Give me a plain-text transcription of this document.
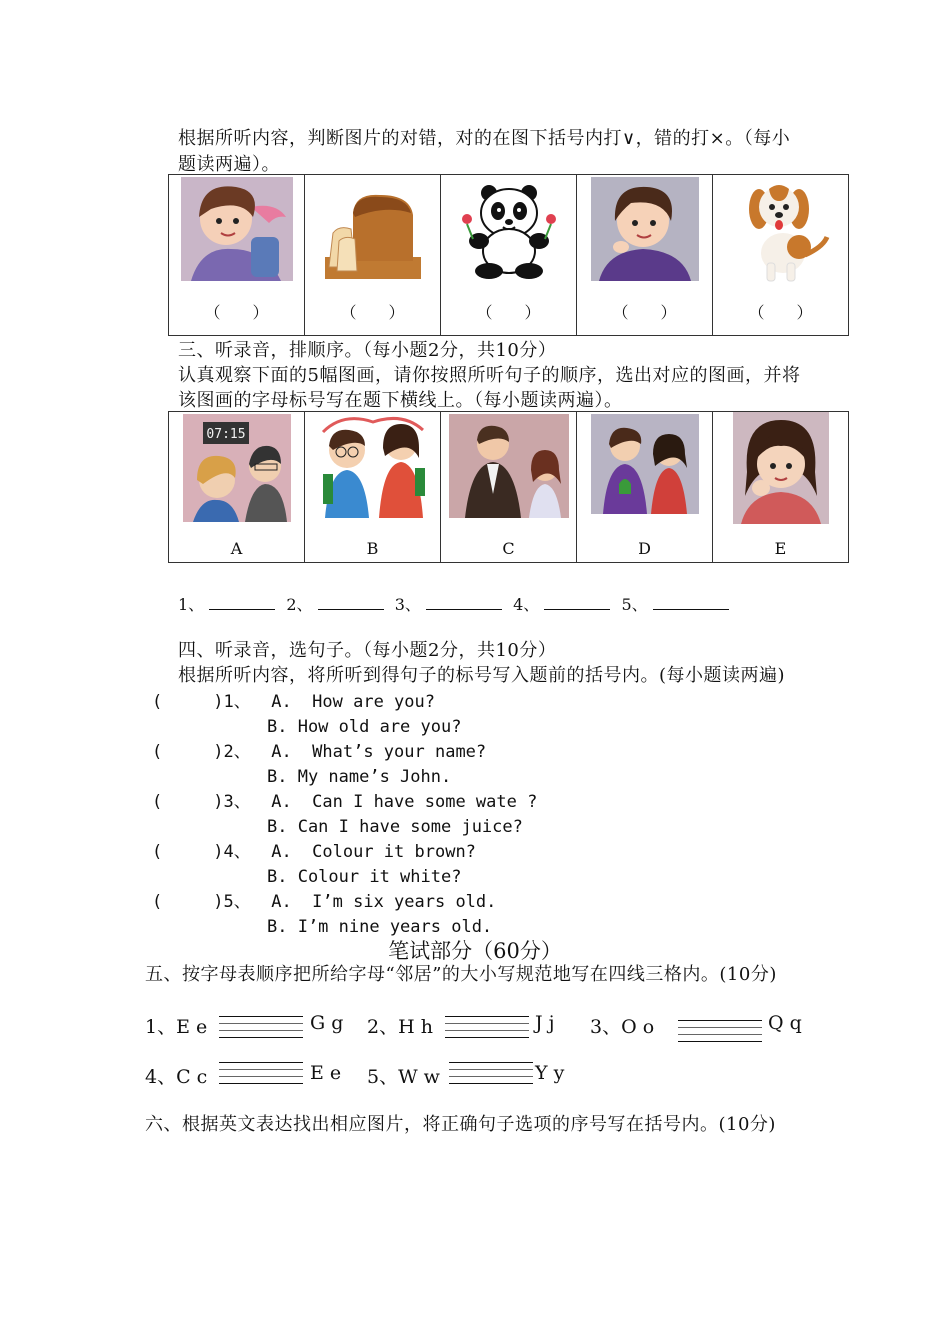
根据所听内容，判断图片的对错，对的在图下括号内打∨，错的打×。（每小
题读两遍）。
（　　）	（　　）	（　　）	（　　）	（　　）
三、听录音，排顺序。（每小题2分，共10分）
认真观察下面的5幅图画，请你按照所听句子的顺序，选出对应的图画，并将
该图画的字母标号写在题下横线上。（每小题读两遍）。
07:15
A	B	C	D	E
1、	2、	3、	4、	5、
四、听录音，选句子。（每小题2分，共10分）
根据所听内容，将所听到得句子的标号写入题前的括号内。(每小题读两遍)
(　　　)1、 A.  How are you?
B. How old are you?
(　　　)2、 A.  What’s your name?
B. My name’s John.
(　　　)3、 A.  Can I have some wate ?
B. Can I have some juice?
(　　　)4、 A.  Colour it brown?
B. Colour it white?
(　　　)5、 A.  I’m six years old.
B. I’m nine years old.
笔试部分（60分）
五、按字母表顺序把所给字母“邻居”的大小写规范地写在四线三格内。(10分)
1、E e	G g 2、H h	J j 3、O o	Q q
4、C c	E e 5、W w	Y y
六、根据英文表达找出相应图片，将正确句子选项的序号写在括号内。(10分)
